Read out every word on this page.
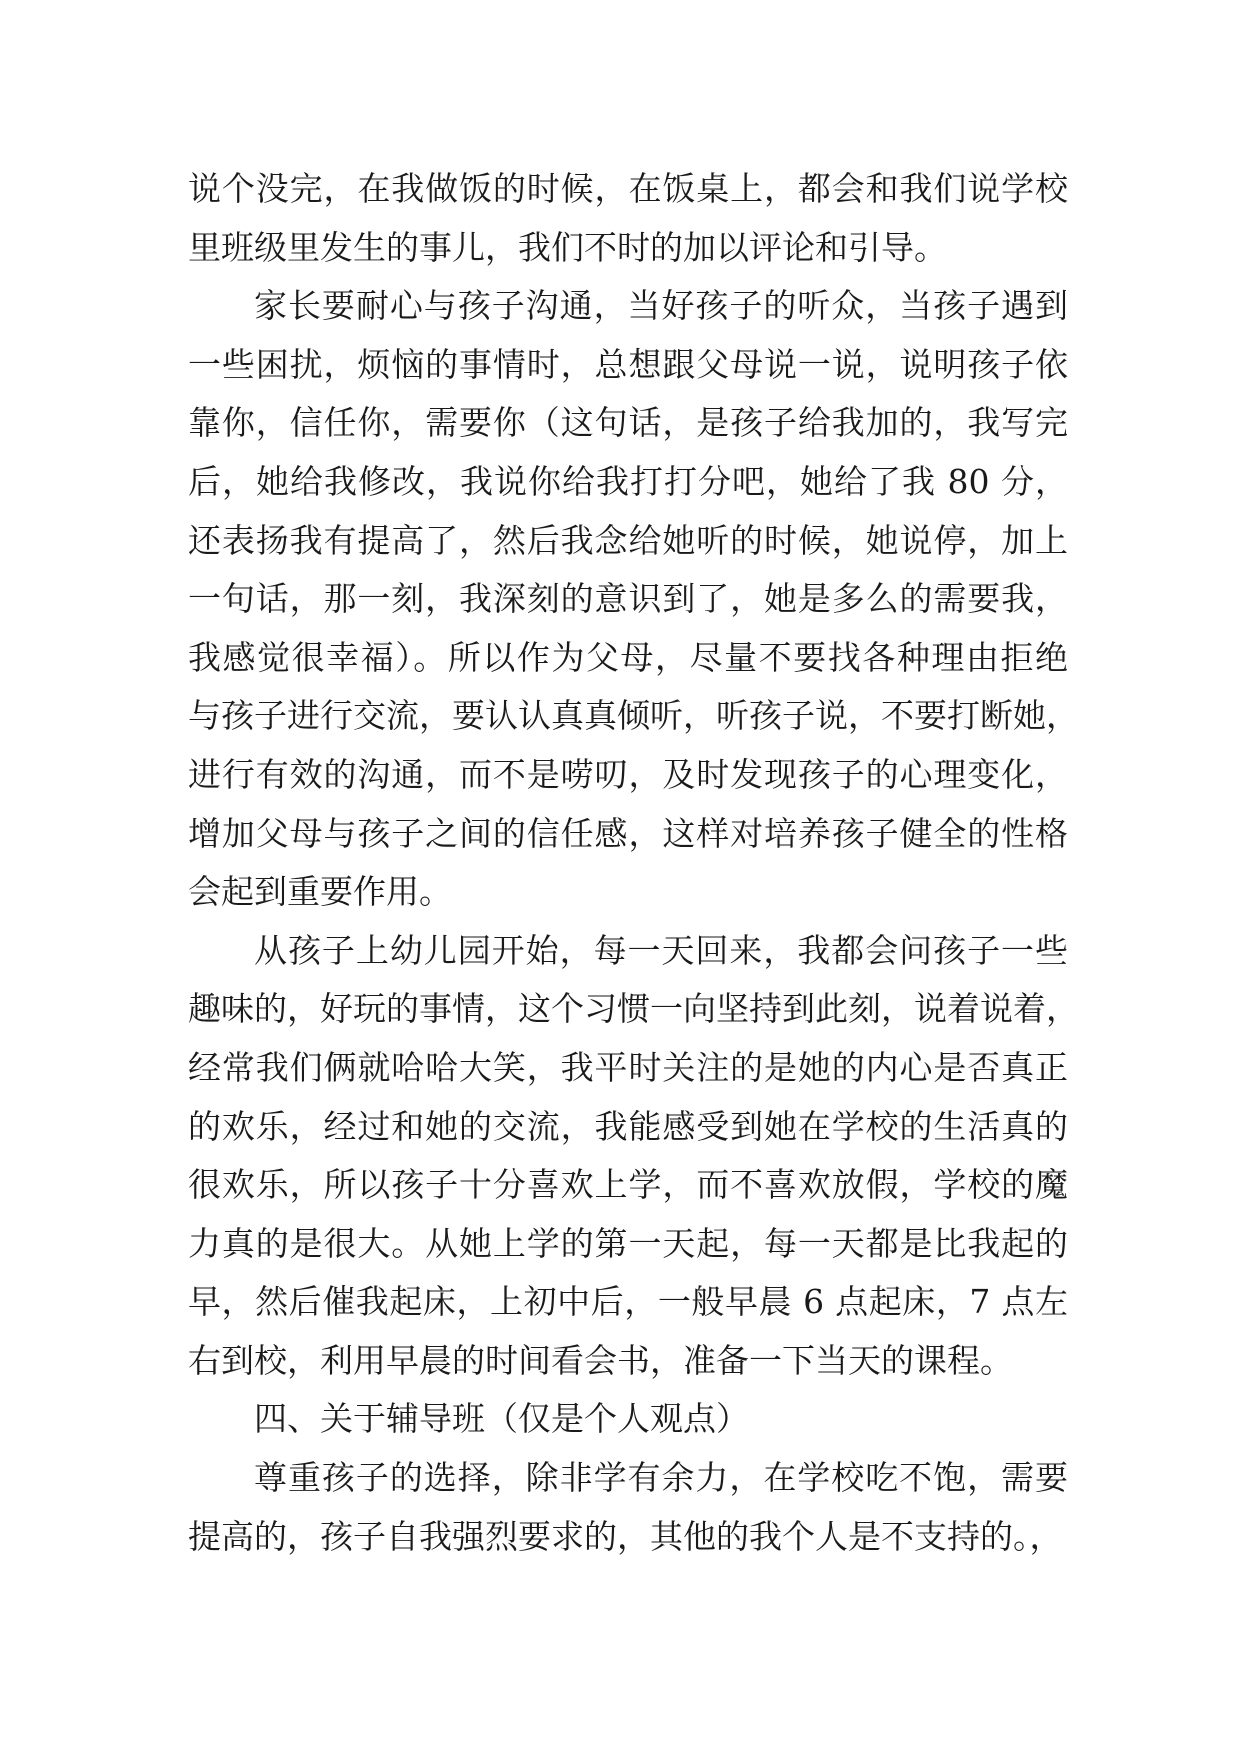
说个没完，在我做饭的时候，在饭桌上，都会和我们说学校
里班级里发生的事儿，我们不时的加以评论和引导。
家长要耐心与孩子沟通，当好孩子的听众，当孩子遇到
一些困扰，烦恼的事情时，总想跟父母说一说，说明孩子依
靠你，信任你，需要你（这句话，是孩子给我加的，我写完
后，她给我修改，我说你给我打打分吧，她给了我 80 分，
还表扬我有提高了，然后我念给她听的时候，她说停，加上
一句话，那一刻，我深刻的意识到了，她是多么的需要我，
我感觉很幸福）。所以作为父母，尽量不要找各种理由拒绝
与孩子进行交流，要认认真真倾听，听孩子说，不要打断她，
进行有效的沟通，而不是唠叨，及时发现孩子的心理变化，
增加父母与孩子之间的信任感，这样对培养孩子健全的性格
会起到重要作用。
从孩子上幼儿园开始，每一天回来，我都会问孩子一些
趣味的，好玩的事情，这个习惯一向坚持到此刻，说着说着，
经常我们俩就哈哈大笑，我平时关注的是她的内心是否真正
的欢乐，经过和她的交流，我能感受到她在学校的生活真的
很欢乐，所以孩子十分喜欢上学，而不喜欢放假，学校的魔
力真的是很大。从她上学的第一天起，每一天都是比我起的
早，然后催我起床，上初中后，一般早晨 6 点起床，7 点左
右到校，利用早晨的时间看会书，准备一下当天的课程。
四、关于辅导班（仅是个人观点）
尊重孩子的选择，除非学有余力，在学校吃不饱，需要
提高的，孩子自我强烈要求的，其他的我个人是不支持的。，
